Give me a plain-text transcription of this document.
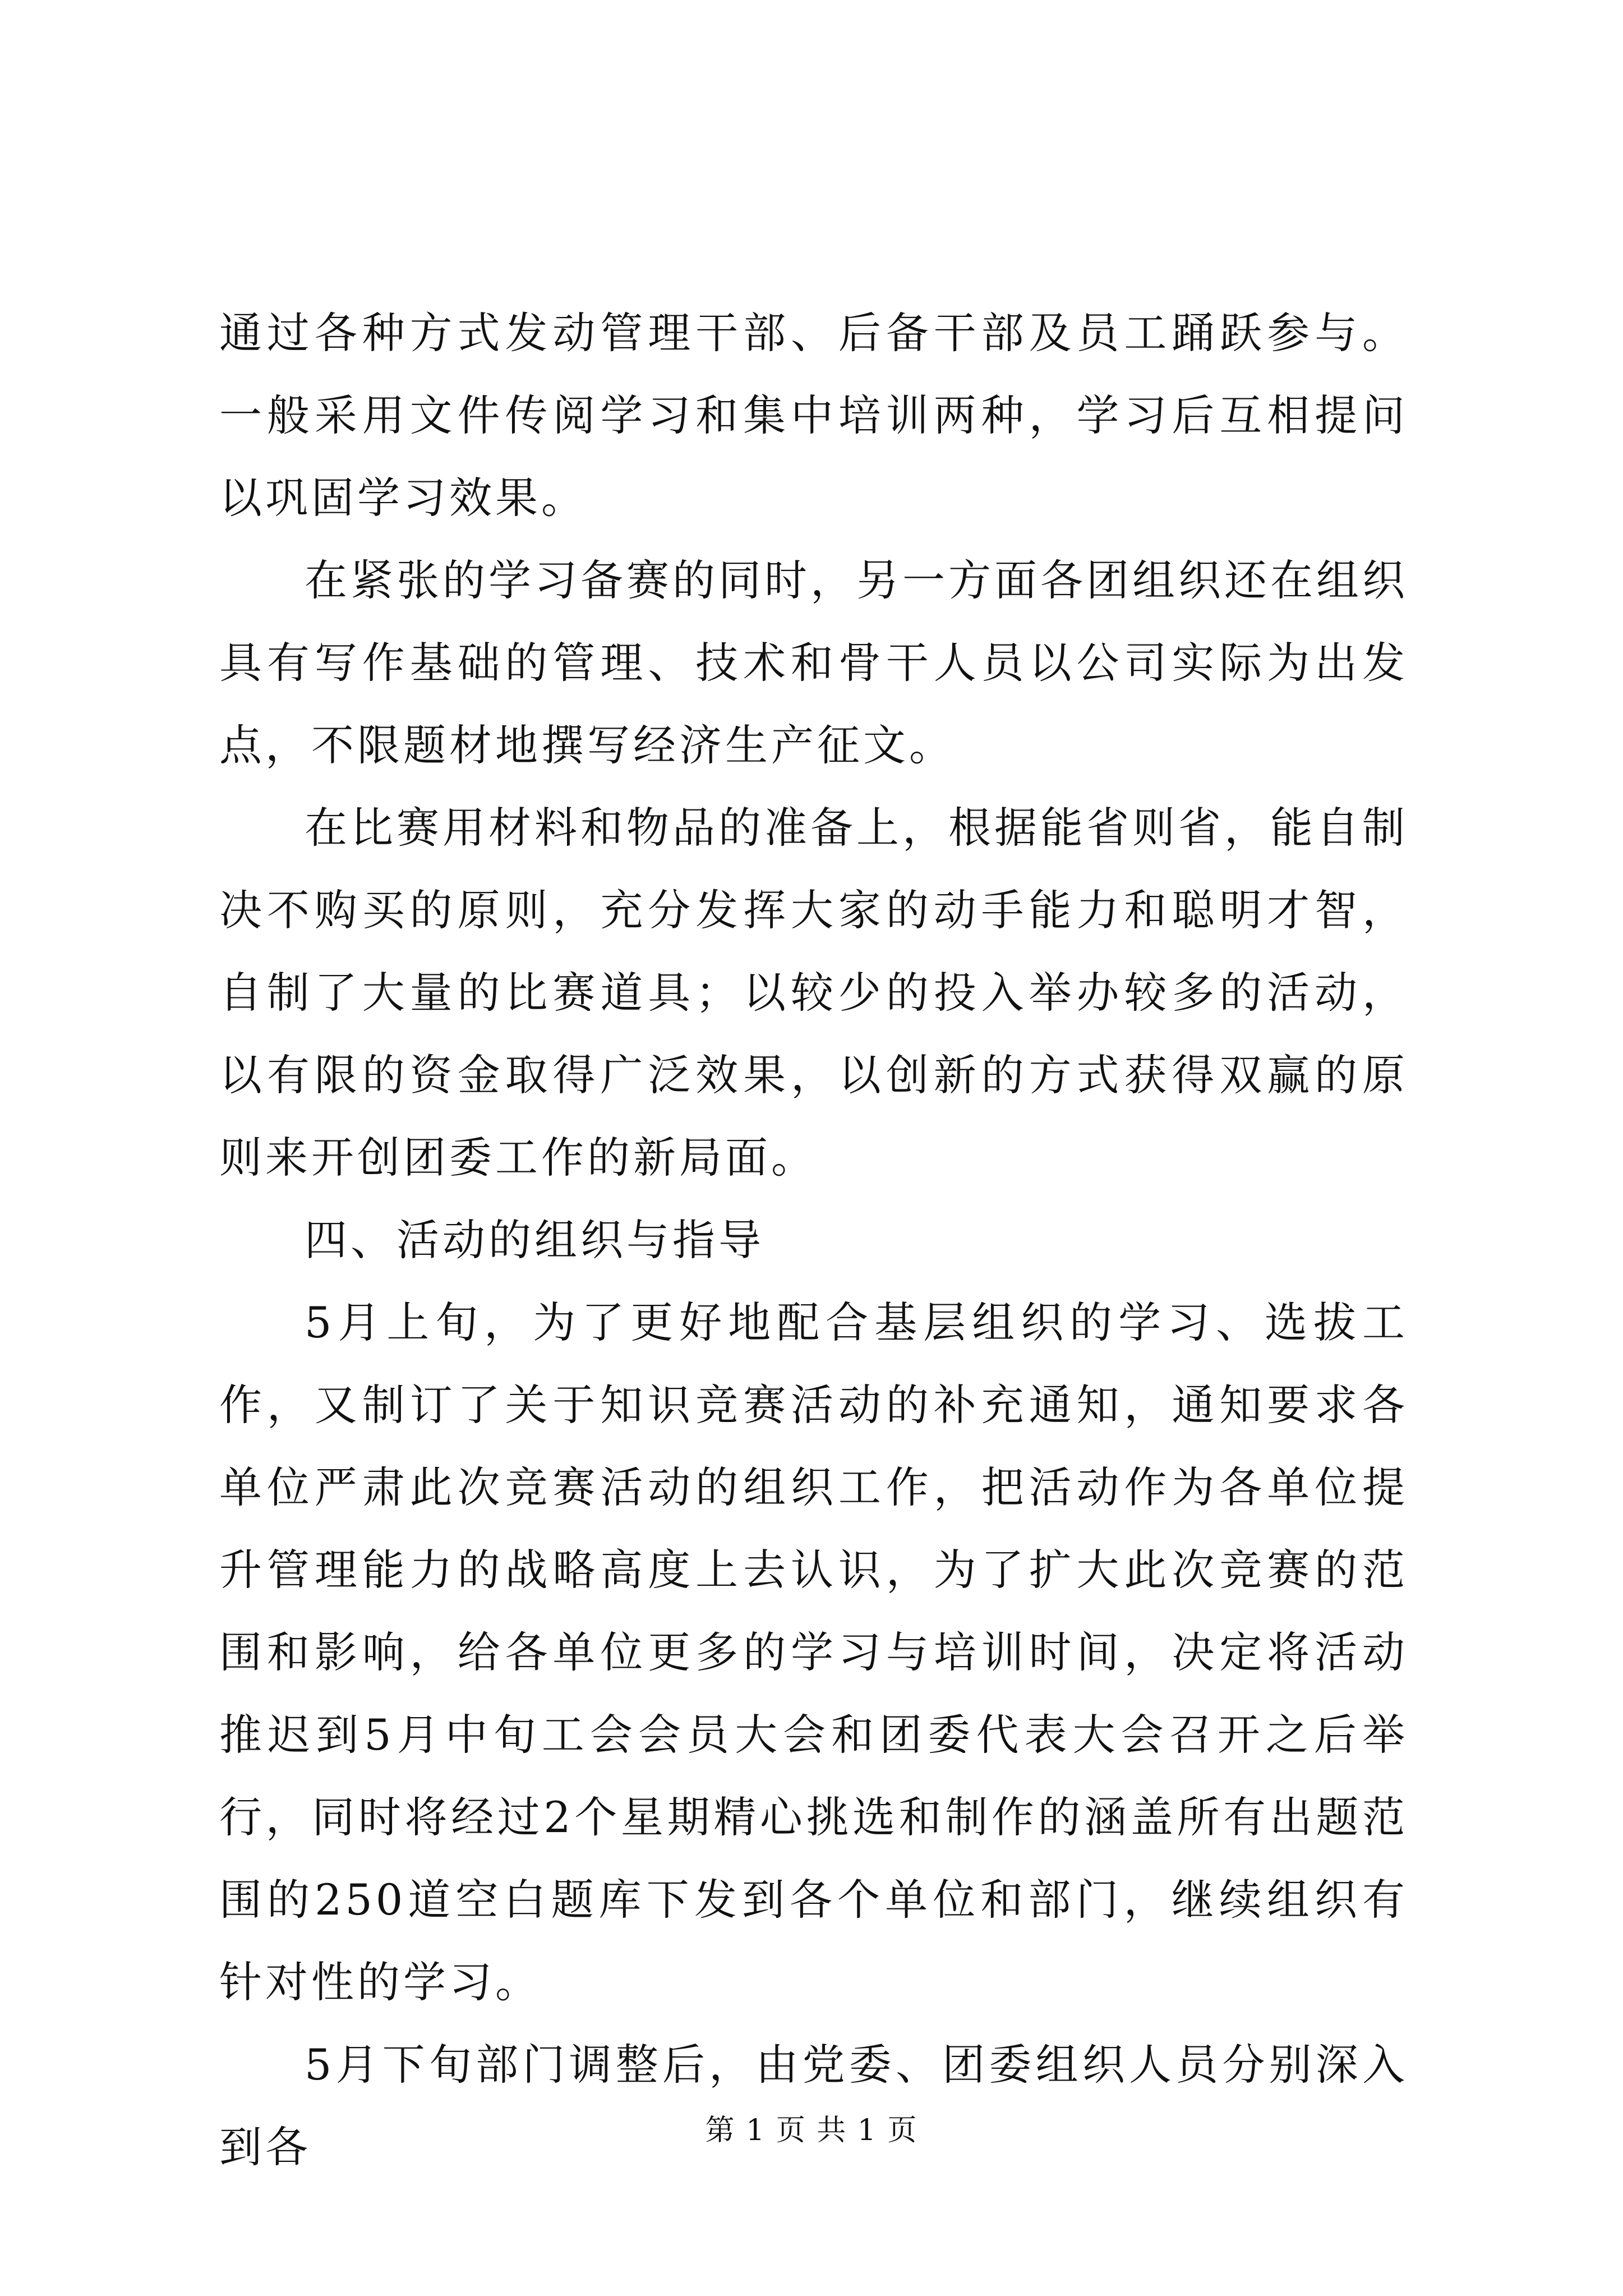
通过各种方式发动管理干部、后备干部及员工踊跃参与。一般采用文件传阅学习和集中培训两种，学习后互相提问以巩固学习效果。

在紧张的学习备赛的同时，另一方面各团组织还在组织具有写作基础的管理、技术和骨干人员以公司实际为出发点，不限题材地撰写经济生产征文。

在比赛用材料和物品的准备上，根据能省则省，能自制决不购买的原则，充分发挥大家的动手能力和聪明才智，自制了大量的比赛道具；以较少的投入举办较多的活动，以有限的资金取得广泛效果，以创新的方式获得双赢的原则来开创团委工作的新局面。

四、活动的组织与指导

5月上旬，为了更好地配合基层组织的学习、选拔工作，又制订了关于知识竞赛活动的补充通知，通知要求各单位严肃此次竞赛活动的组织工作，把活动作为各单位提升管理能力的战略高度上去认识，为了扩大此次竞赛的范围和影响，给各单位更多的学习与培训时间，决定将活动推迟到5月中旬工会会员大会和团委代表大会召开之后举行，同时将经过2个星期精心挑选和制作的涵盖所有出题范围的250道空白题库下发到各个单位和部门，继续组织有针对性的学习。

5月下旬部门调整后，由党委、团委组织人员分别深入到各	第 1 页 共 1 页
